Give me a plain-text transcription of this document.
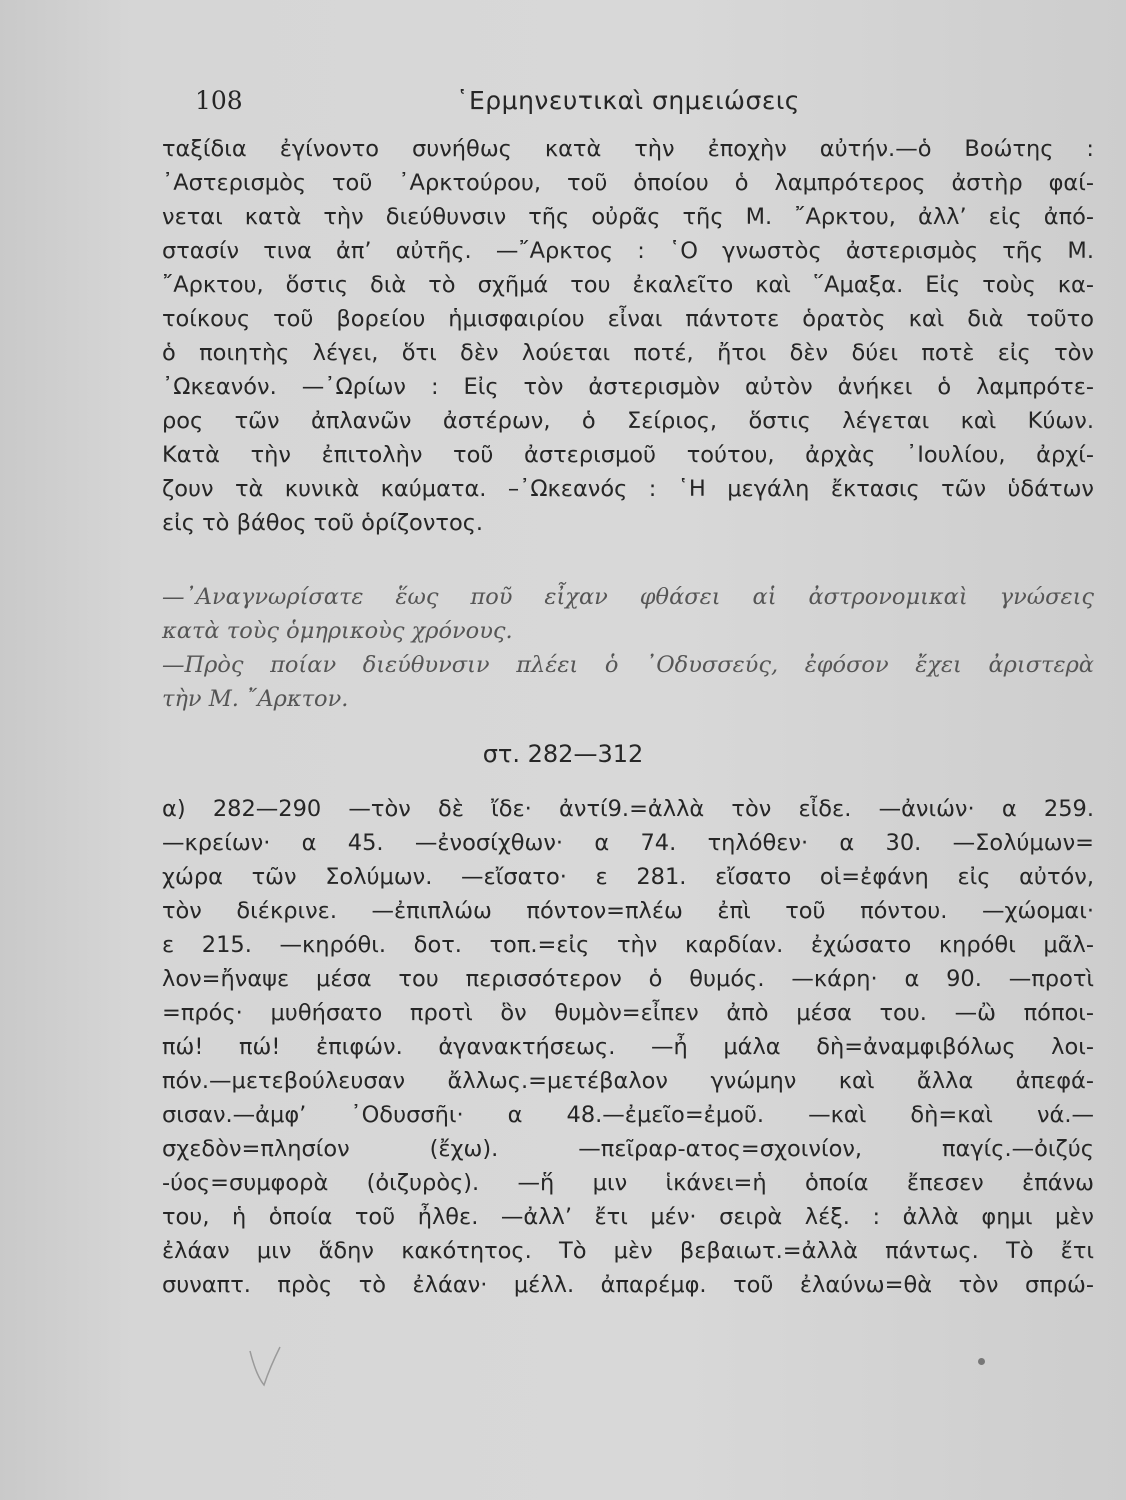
108	῾Ερμηνευτικαὶ σημειώσεις
ταξίδια ἐγίνοντο συνήθως κατὰ τὴν ἐποχὴν αὐτήν.—ὁ Βοώτης :
᾿Αστερισμὸς τοῦ ᾿Αρκτούρου, τοῦ ὁποίου ὁ λαμπρότερος ἀστὴρ φαί-
νεται κατὰ τὴν διεύθυνσιν τῆς οὐρᾶς τῆς Μ. ῎Αρκτου, ἀλλ’ εἰς ἀπό-
στασίν τινα ἀπ’ αὐτῆς. —῎Αρκτος : ῾Ο γνωστὸς ἀστερισμὸς τῆς Μ.
῎Αρκτου, ὅστις διὰ τὸ σχῆμά του ἐκαλεῖτο καὶ ῞Αμαξα. Εἰς τοὺς κα-
τοίκους τοῦ βορείου ἡμισφαιρίου εἶναι πάντοτε ὁρατὸς καὶ διὰ τοῦτο
ὁ ποιητὴς λέγει, ὅτι δὲν λούεται ποτέ, ἤτοι δὲν δύει ποτὲ εἰς τὸν
᾿Ωκεανόν. —᾿Ωρίων : Εἰς τὸν ἀστερισμὸν αὐτὸν ἀνήκει ὁ λαμπρότε-
ρος τῶν ἀπλανῶν ἀστέρων, ὁ Σείριος, ὅστις λέγεται καὶ Κύων.
Κατὰ τὴν ἐπιτολὴν τοῦ ἀστερισμοῦ τούτου, ἀρχὰς ᾿Ιουλίου, ἀρχί-
ζουν τὰ κυνικὰ καύματα. –᾿Ωκεανός : ῾Η μεγάλη ἔκτασις τῶν ὑδάτων
εἰς τὸ βάθος τοῦ ὁρίζοντος.
—᾿Αναγνωρίσατε ἕως ποῦ εἶχαν φθάσει αἱ ἀστρονομικαὶ γνώσεις
κατὰ τοὺς ὁμηρικοὺς χρόνους.
—Πρὸς ποίαν διεύθυνσιν πλέει ὁ ᾿Οδυσσεύς, ἐφόσον ἔχει ἀριστερὰ
τὴν Μ. ῎Αρκτον.
στ. 282—312
α) 282—290 —τὸν δὲ ἴδε· ἀντί9.=ἀλλὰ τὸν εἶδε. —ἀνιών· α 259.
—κρείων· α 45. —ἐνοσίχθων· α 74. τηλόθεν· α 30. —Σολύμων=
χώρα τῶν Σολύμων. —εἴσατο· ε 281. εἴσατο οἱ=ἐφάνη εἰς αὐτόν,
τὸν διέκρινε. —ἐπιπλώω πόντον=πλέω ἐπὶ τοῦ πόντου. —χώομαι·
ε 215. —κηρόθι. δοτ. τοπ.=εἰς τὴν καρδίαν. ἐχώσατο κηρόθι μᾶλ-
λον=ἤναψε μέσα του περισσότερον ὁ θυμός. —κάρη· α 90. —προτὶ
=πρός· μυθήσατο προτὶ ὃν θυμὸν=εἶπεν ἀπὸ μέσα του. —ὢ πόποι-
πώ! πώ! ἐπιφών. ἀγανακτήσεως. —ἦ μάλα δὴ=ἀναμφιβόλως λοι-
πόν.—μετεβούλευσαν ἄλλως.=μετέβαλον γνώμην καὶ ἄλλα ἀπεφά-
σισαν.—ἀμφ’ ᾿Οδυσσῆι· α 48.—ἐμεῖο=ἐμοῦ. —καὶ δὴ=καὶ νά.—
σχεδὸν=πλησίον (ἔχω). —πεῖραρ-ατος=σχοινίον, παγίς.—ὀιζύς
-ύος=συμφορὰ (ὀιζυρὸς). —ἥ μιν ἱκάνει=ἡ ὁποία ἔπεσεν ἐπάνω
του, ἡ ὁποία τοῦ ἦλθε. —ἀλλ’ ἔτι μέν· σειρὰ λέξ. : ἀλλὰ φημι μὲν
ἐλάαν μιν ἅδην κακότητος. Τὸ μὲν βεβαιωτ.=ἀλλὰ πάντως. Τὸ ἔτι
συναπτ. πρὸς τὸ ἐλάαν· μέλλ. ἀπαρέμφ. τοῦ ἐλαύνω=θὰ τὸν σπρώ-
